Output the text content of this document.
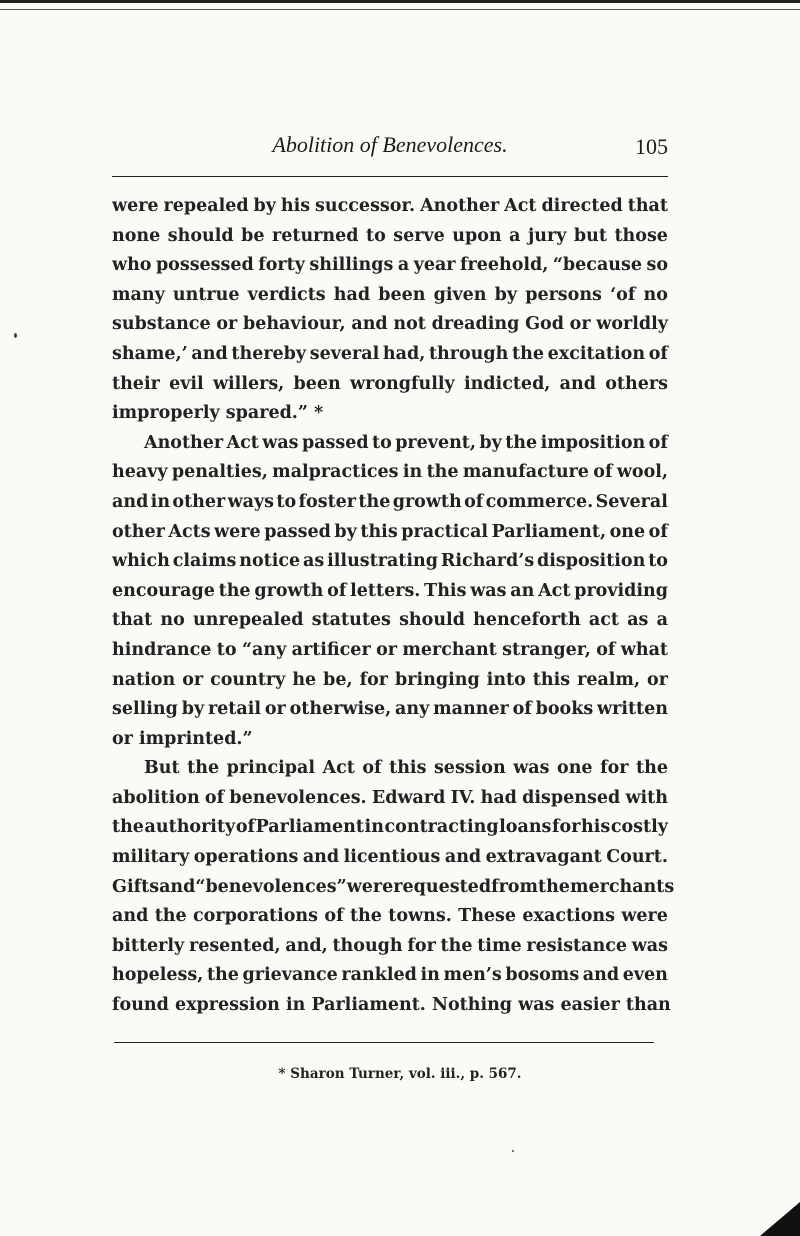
Abolition of Benevolences.	105
were repealed by his successor. Another Act directed that
none should be returned to serve upon a jury but those
who possessed forty shillings a year freehold, “because so
many untrue verdicts had been given by persons ‘of no
substance or behaviour, and not dreading God or worldly
shame,’ and thereby several had, through the excitation of
their evil willers, been wrongfully indicted, and others
improperly spared.” *
Another Act was passed to prevent, by the imposition of
heavy penalties, malpractices in the manufacture of wool,
and in other ways to foster the growth of commerce. Several
other Acts were passed by this practical Parliament, one of
which claims notice as illustrating Richard’s disposition to
encourage the growth of letters. This was an Act providing
that no unrepealed statutes should henceforth act as a
hindrance to “any artificer or merchant stranger, of what
nation or country he be, for bringing into this realm, or
selling by retail or otherwise, any manner of books written
or imprinted.”
But the principal Act of this session was one for the
abolition of benevolences. Edward IV. had dispensed with
the authority of Parliament in contracting loans for his costly
military operations and licentious and extravagant Court.
Gifts and “benevolences” were requested from the merchants
and the corporations of the towns. These exactions were
bitterly resented, and, though for the time resistance was
hopeless, the grievance rankled in men’s bosoms and even
found expression in Parliament. Nothing was easier than
* Sharon Turner, vol. iii., p. 567.
